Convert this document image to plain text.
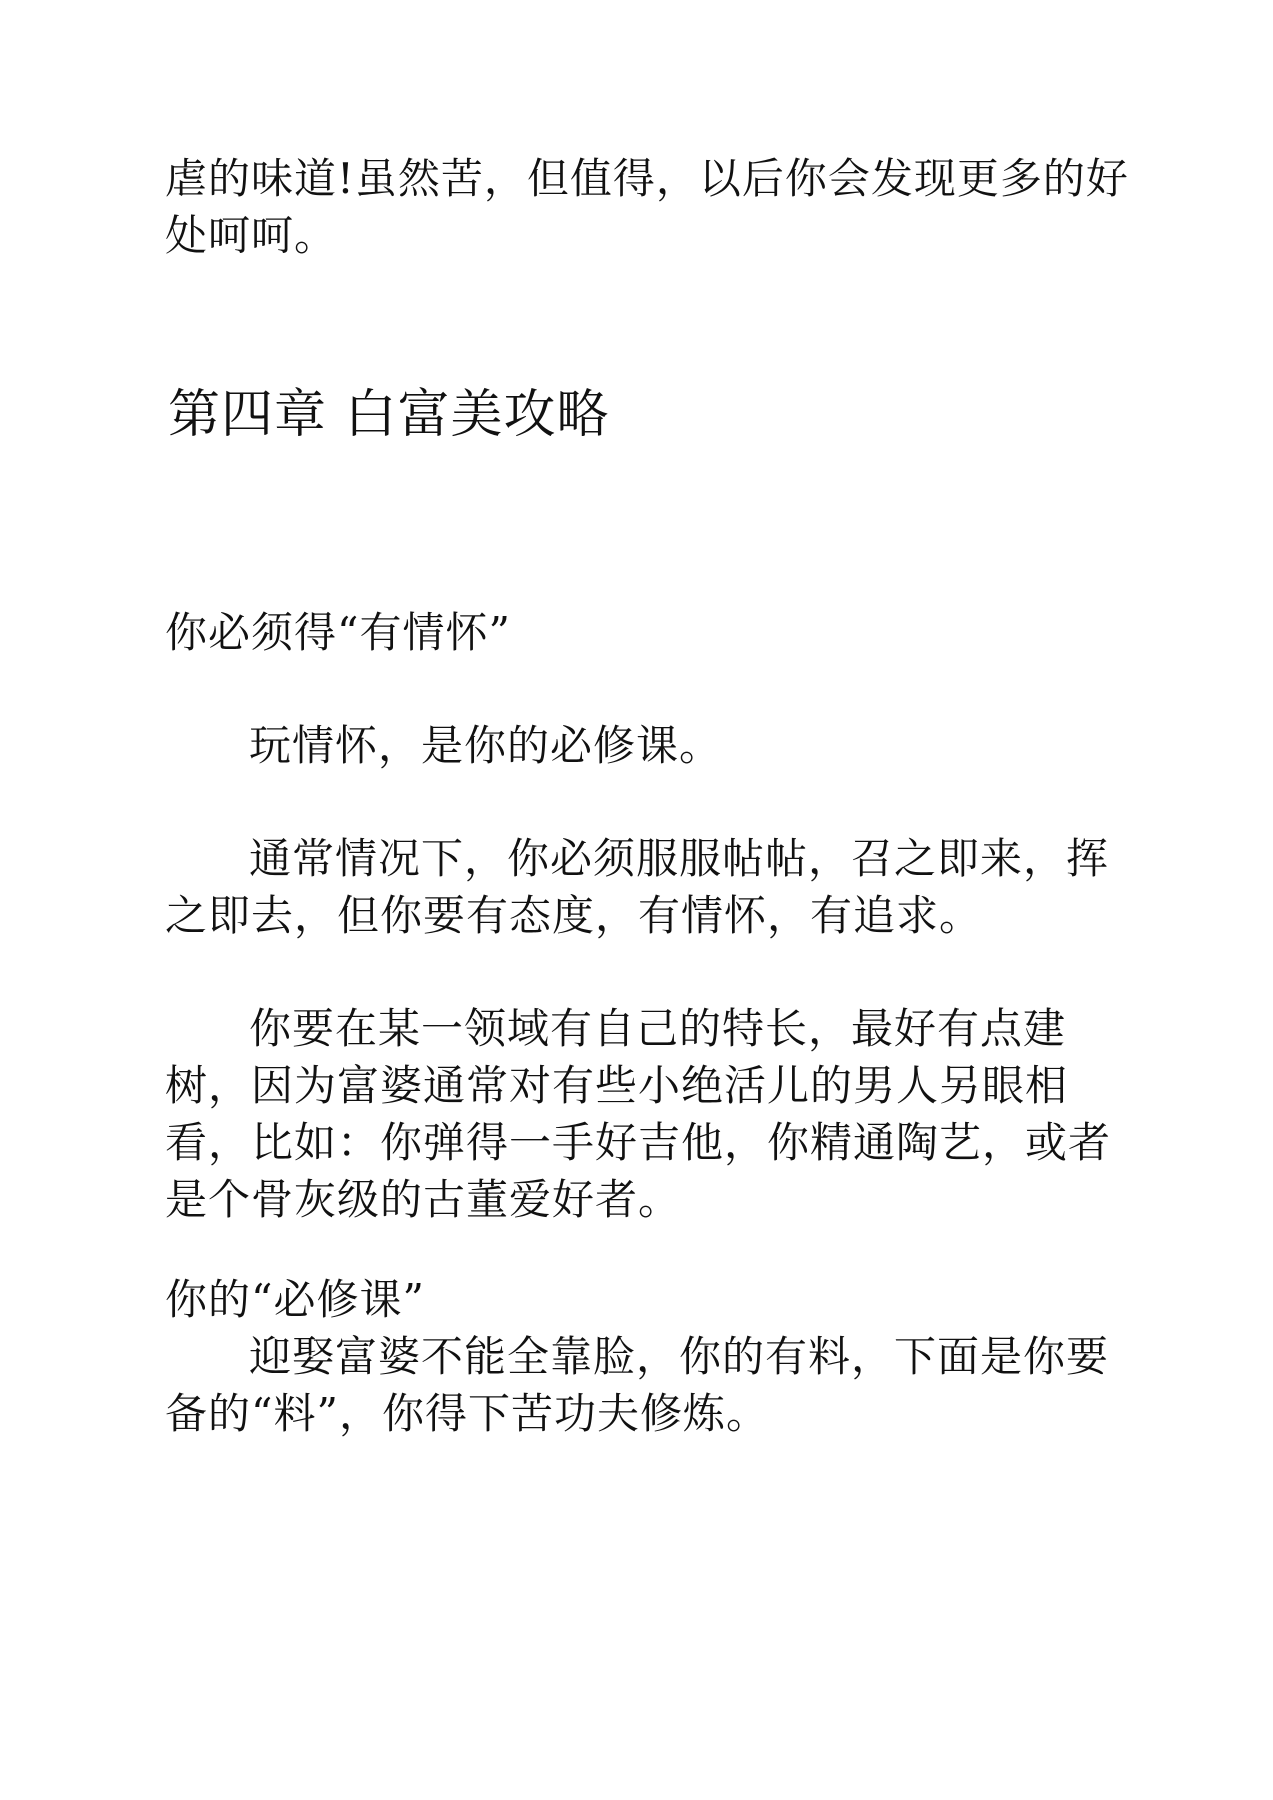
虐的味道!虽然苦，但值得，以后你会发现更多的好
处呵呵。

第四章 白富美攻略

你必须得“有情怀”

玩情怀，是你的必修课。

通常情况下，你必须服服帖帖，召之即来，挥
之即去，但你要有态度，有情怀，有追求。

你要在某一领域有自己的特长，最好有点建
树，因为富婆通常对有些小绝活儿的男人另眼相
看，比如：你弹得一手好吉他，你精通陶艺，或者
是个骨灰级的古董爱好者。

你的“必修课”

迎娶富婆不能全靠脸，你的有料，下面是你要
备的“料”，你得下苦功夫修炼。
